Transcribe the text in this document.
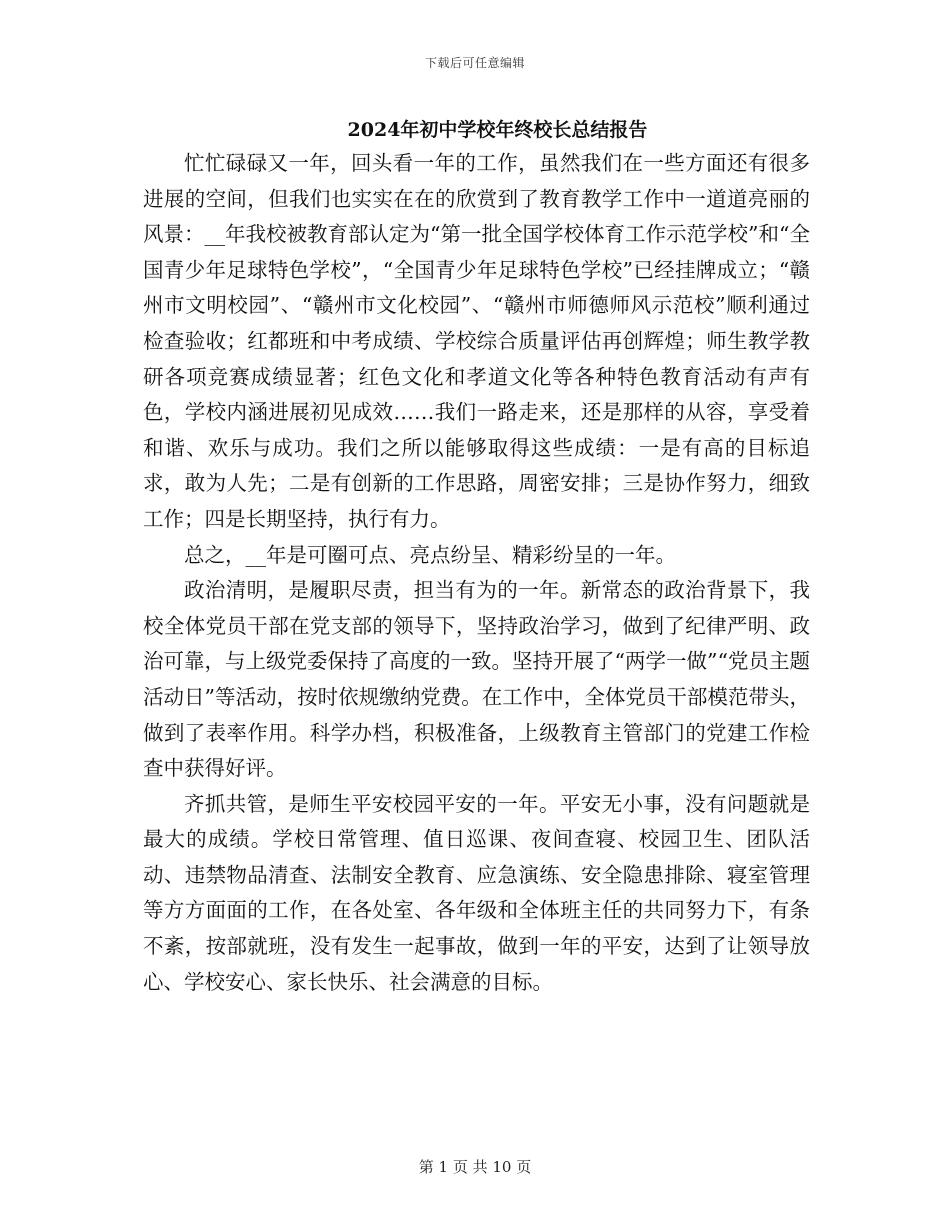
下载后可任意编辑
2024年初中学校年终校长总结报告

忙忙碌碌又一年，回头看一年的工作，虽然我们在一些方面还有很多进展的空间，但我们也实实在在的欣赏到了教育教学工作中一道道亮丽的风景：__年我校被教育部认定为“第一批全国学校体育工作示范学校”和“全国青少年足球特色学校”，“全国青少年足球特色学校”已经挂牌成立；“赣州市文明校园”、“赣州市文化校园”、“赣州市师德师风示范校”顺利通过检查验收；红都班和中考成绩、学校综合质量评估再创辉煌；师生教学教研各项竞赛成绩显著；红色文化和孝道文化等各种特色教育活动有声有色，学校内涵进展初见成效……我们一路走来，还是那样的从容，享受着和谐、欢乐与成功。我们之所以能够取得这些成绩：一是有高的目标追求，敢为人先；二是有创新的工作思路，周密安排；三是协作努力，细致工作；四是长期坚持，执行有力。

总之，__年是可圈可点、亮点纷呈、精彩纷呈的一年。

政治清明，是履职尽责，担当有为的一年。新常态的政治背景下，我校全体党员干部在党支部的领导下，坚持政治学习，做到了纪律严明、政治可靠，与上级党委保持了高度的一致。坚持开展了“两学一做”“党员主题活动日”等活动，按时依规缴纳党费。在工作中，全体党员干部模范带头，做到了表率作用。科学办档，积极准备，上级教育主管部门的党建工作检查中获得好评。

齐抓共管，是师生平安校园平安的一年。平安无小事，没有问题就是最大的成绩。学校日常管理、值日巡课、夜间查寝、校园卫生、团队活动、违禁物品清查、法制安全教育、应急演练、安全隐患排除、寝室管理等方方面面的工作，在各处室、各年级和全体班主任的共同努力下，有条不紊，按部就班，没有发生一起事故，做到一年的平安，达到了让领导放心、学校安心、家长快乐、社会满意的目标。

第 1 页 共 10 页
